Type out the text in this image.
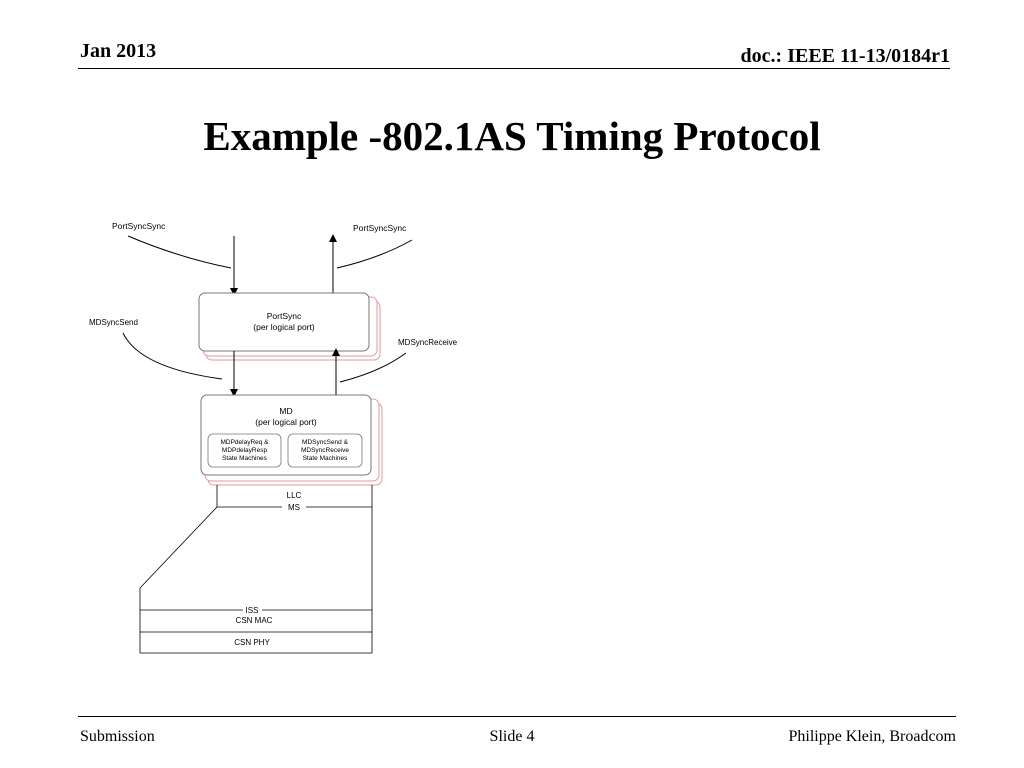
Jan 2013	doc.: IEEE 11-13/0184r1
Example -802.1AS Timing Protocol
PortSyncSync	PortSyncSync
PortSync
(per logical port)
MDSyncSend
MDSyncReceive
MD
(per logical port)
MDPdelayReq &
MDPdelayResp
State Machines
MDSyncSend &
MDSyncReceive
State Machines
LLC
MS
ISS
CSN MAC
CSN PHY
Submission	Slide 4	Philippe Klein, Broadcom
